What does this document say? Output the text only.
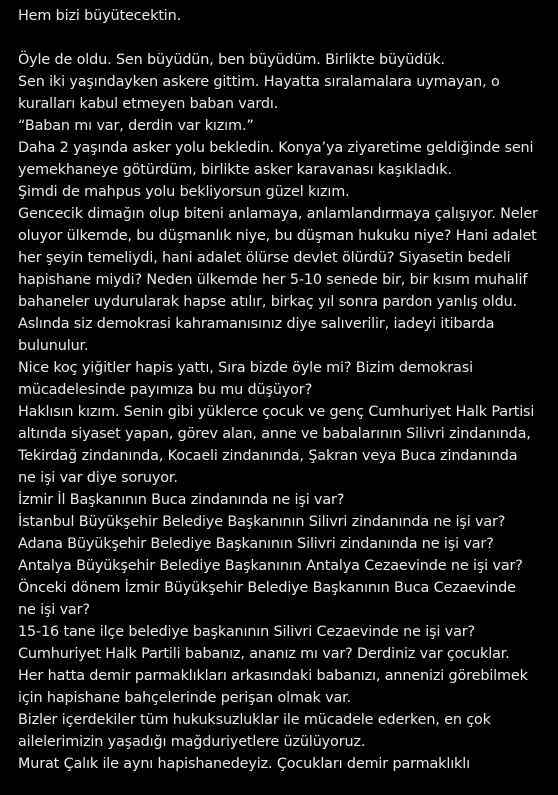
Hem bizi büyütecektin.
Öyle de oldu. Sen büyüdün, ben büyüdüm. Birlikte büyüdük.
Sen iki yaşındayken askere gittim. Hayatta sıralamalara uymayan, o
kuralları kabul etmeyen baban vardı.
“Baban mı var, derdin var kızım.”
Daha 2 yaşında asker yolu bekledin. Konya’ya ziyaretime geldiğinde seni
yemekhaneye götürdüm, birlikte asker karavanası kaşıkladık.
Şimdi de mahpus yolu bekliyorsun güzel kızım.
Gencecik dimağın olup biteni anlamaya, anlamlandırmaya çalışıyor. Neler
oluyor ülkemde, bu düşmanlık niye, bu düşman hukuku niye? Hani adalet
her şeyin temeliydi, hani adalet ölürse devlet ölürdü? Siyasetin bedeli
hapishane miydi? Neden ülkemde her 5-10 senede bir, bir kısım muhalif
bahaneler uydurularak hapse atılır, birkaç yıl sonra pardon yanlış oldu.
Aslında siz demokrasi kahramanısınız diye salıverilir, iadeyi itibarda
bulunulur.
Nice koç yiğitler hapis yattı, Sıra bizde öyle mi? Bizim demokrasi
mücadelesinde payımıza bu mu düşüyor?
Haklısın kızım. Senin gibi yüklerce çocuk ve genç Cumhuriyet Halk Partisi
altında siyaset yapan, görev alan, anne ve babalarının Silivri zindanında,
Tekirdağ zindanında, Kocaeli zindanında, Şakran veya Buca zindanında
ne işi var diye soruyor.
İzmir İl Başkanının Buca zindanında ne işi var?
İstanbul Büyükşehir Belediye Başkanının Silivri zindanında ne işi var?
Adana Büyükşehir Belediye Başkanının Silivri zindanında ne işi var?
Antalya Büyükşehir Belediye Başkanının Antalya Cezaevinde ne işi var?
Önceki dönem İzmir Büyükşehir Belediye Başkanının Buca Cezaevinde
ne işi var?
15-16 tane ilçe belediye başkanının Silivri Cezaevinde ne işi var?
Cumhuriyet Halk Partili babanız, ananız mı var? Derdiniz var çocuklar.
Her hatta demir parmaklıkları arkasındaki babanızı, annenizi görebilmek
için hapishane bahçelerinde perişan olmak var.
Bizler içerdekiler tüm hukuksuzluklar ile mücadele ederken, en çok
ailelerimizin yaşadığı mağduriyetlere üzülüyoruz.
Murat Çalık ile aynı hapishanedeyiz. Çocukları demir parmaklıklı
